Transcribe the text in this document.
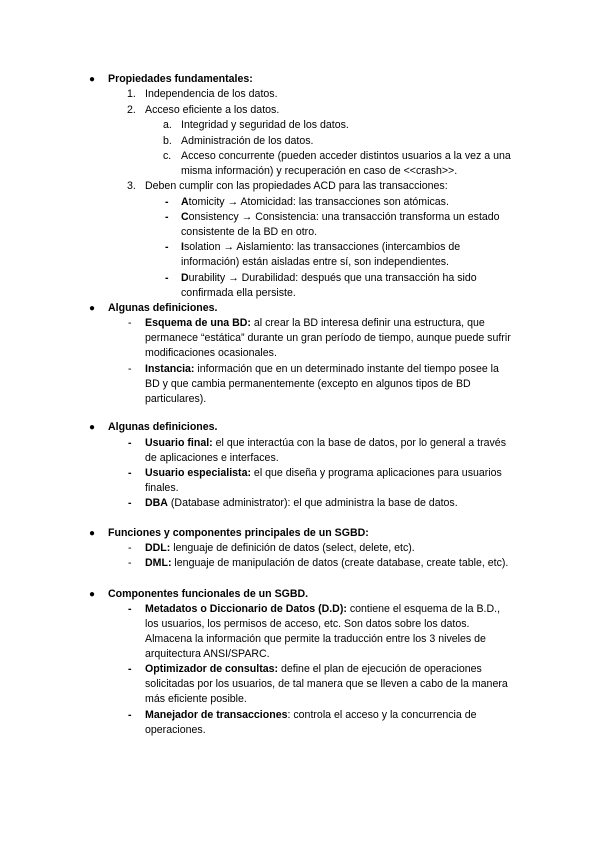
● Propiedades fundamentales:
1. Independencia de los datos.
2. Acceso eficiente a los datos.
a. Integridad y seguridad de los datos.
b. Administración de los datos.
c. Acceso concurrente (pueden acceder distintos usuarios a la vez a una
misma información) y recuperación en caso de <<crash>>.
3. Deben cumplir con las propiedades ACD para las transacciones:
- Atomicity → Atomicidad: las transacciones son atómicas.
- Consistency → Consistencia: una transacción transforma un estado
consistente de la BD en otro.
- Isolation → Aislamiento: las transacciones (intercambios de
información) están aisladas entre sí, son independientes.
- Durability → Durabilidad: después que una transacción ha sido
confirmada ella persiste.
● Algunas definiciones.
- Esquema de una BD: al crear la BD interesa definir una estructura, que
permanece “estática” durante un gran período de tiempo, aunque puede sufrir
modificaciones ocasionales.
- Instancia: información que en un determinado instante del tiempo posee la
BD y que cambia permanentemente (excepto en algunos tipos de BD
particulares).
● Algunas definiciones.
- Usuario final: el que interactúa con la base de datos, por lo general a través
de aplicaciones e interfaces.
- Usuario especialista: el que diseña y programa aplicaciones para usuarios
finales.
- DBA (Database administrator): el que administra la base de datos.
● Funciones y componentes principales de un SGBD:
- DDL: lenguaje de definición de datos (select, delete, etc).
- DML: lenguaje de manipulación de datos (create database, create table, etc).
● Componentes funcionales de un SGBD.
- Metadatos o Diccionario de Datos (D.D): contiene el esquema de la B.D.,
los usuarios, los permisos de acceso, etc. Son datos sobre los datos.
Almacena la información que permite la traducción entre los 3 niveles de
arquitectura ANSI/SPARC.
- Optimizador de consultas: define el plan de ejecución de operaciones
solicitadas por los usuarios, de tal manera que se lleven a cabo de la manera
más eficiente posible.
- Manejador de transacciones: controla el acceso y la concurrencia de
operaciones.
